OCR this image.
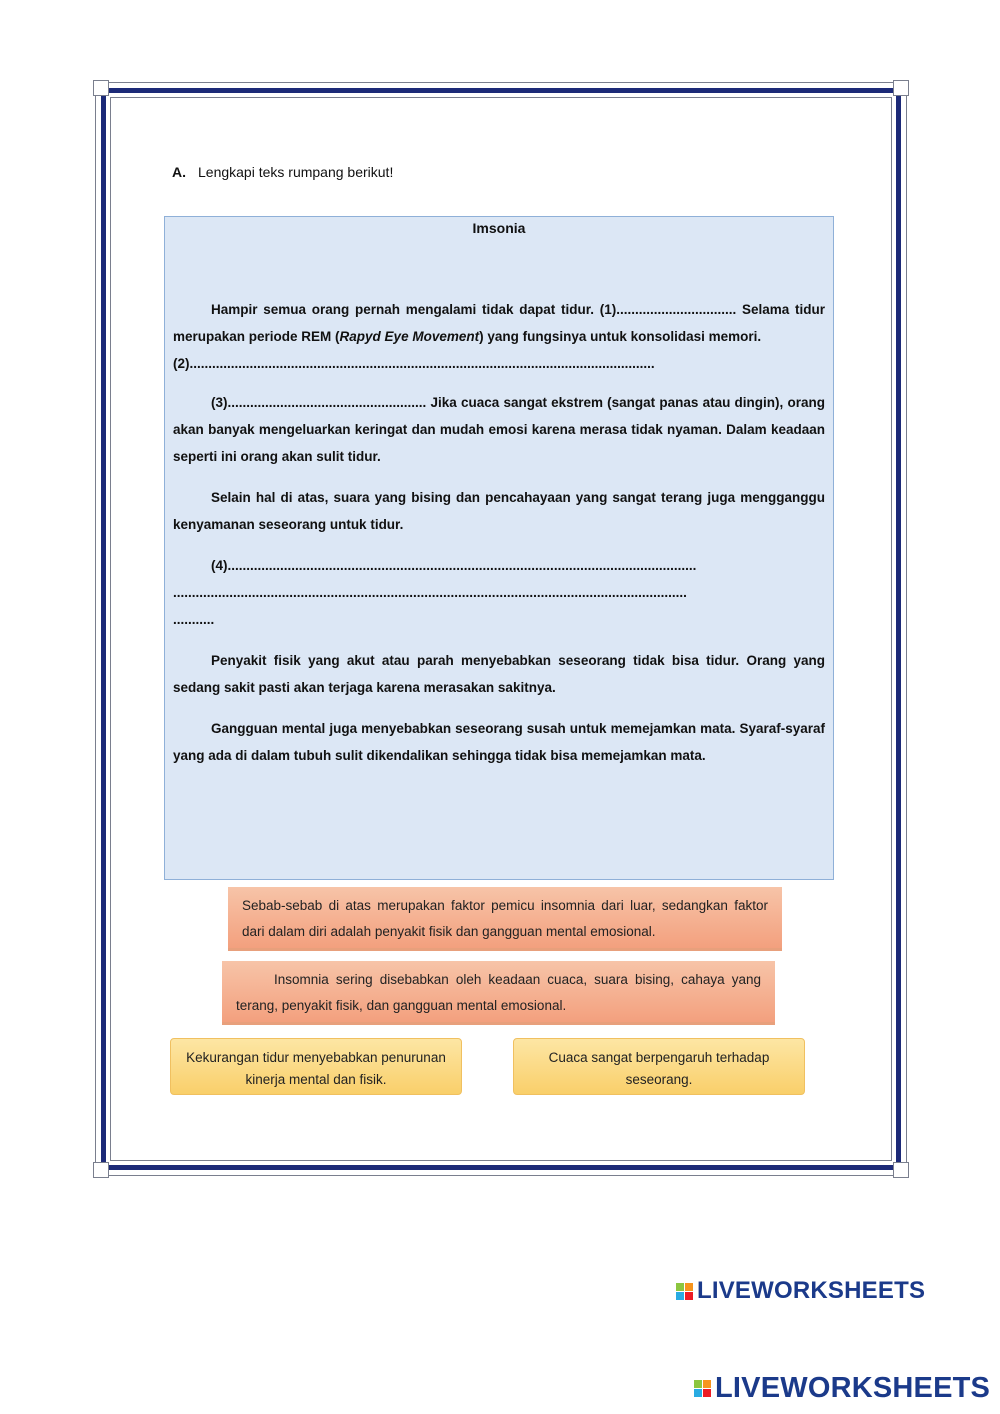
A. Lengkapi teks rumpang berikut!
Imsonia

Hampir semua orang pernah mengalami tidak dapat tidur. (1)................................ Selama tidur merupakan periode REM (Rapyd Eye Movement) yang fungsinya untuk konsolidasi memori.
(2)............................................................................................................................

(3)..................................................... Jika cuaca sangat ekstrem (sangat panas atau dingin), orang akan banyak mengeluarkan keringat dan mudah emosi karena merasa tidak nyaman. Dalam keadaan seperti ini orang akan sulit tidur.

Selain hal di atas, suara yang bising dan pencahayaan yang sangat terang juga mengganggu kenyamanan seseorang untuk tidur.

(4).............................................................................................................................
.........................................................................................................................................
...........

Penyakit fisik yang akut atau parah menyebabkan seseorang tidak bisa tidur. Orang yang sedang sakit pasti akan terjaga karena merasakan sakitnya.

Gangguan mental juga menyebabkan seseorang susah untuk memejamkan mata. Syaraf-syaraf yang ada di dalam tubuh sulit dikendalikan sehingga tidak bisa memejamkan mata.

Sebab-sebab di atas merupakan faktor pemicu insomnia dari luar, sedangkan faktor dari dalam diri adalah penyakit fisik dan gangguan mental emosional.
Insomnia sering disebabkan oleh keadaan cuaca, suara bising, cahaya yang terang, penyakit fisik, dan gangguan mental emosional.
Kekurangan tidur menyebabkan penurunan kinerja mental dan fisik.
Cuaca sangat berpengaruh terhadap seseorang.
LIVEWORKSHEETS
LIVEWORKSHEETS
